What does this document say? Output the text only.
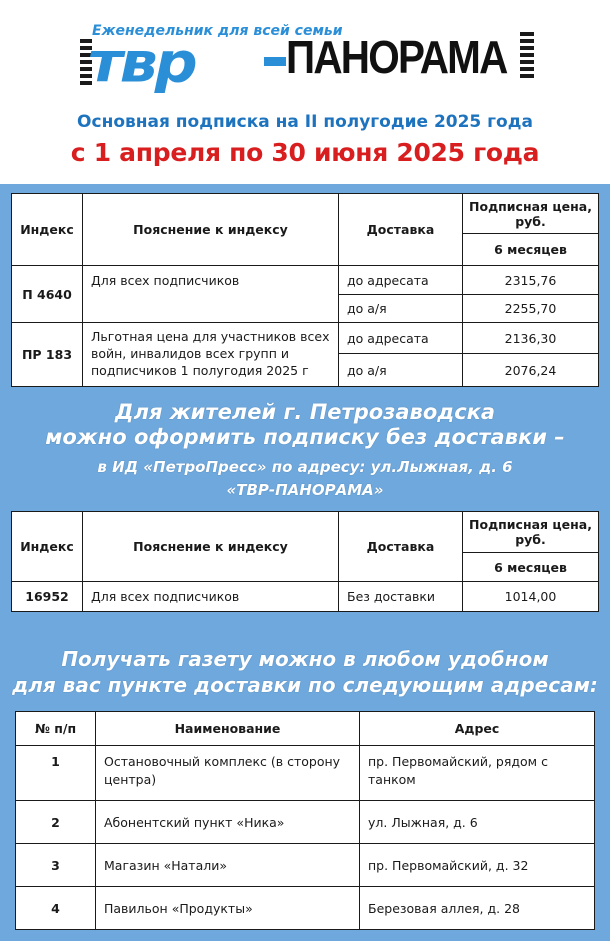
Еженедельник для всей семьи
твр ПАНОРАМА
Основная подписка на II полугодие 2025 года
с 1 апреля по 30 июня 2025 года
Индекс	Пояснение к индексу	Доставка	Подписная цена, руб.
			6 месяцев
П 4640	Для всех подписчиков	до адресата	2315,76
		до а/я	2255,70
ПР 183	Льготная цена для участников всех войн, инвалидов всех групп и подписчиков 1 полугодия 2025 г	до адресата	2136,30
		до а/я	2076,24
Для жителей г. Петрозаводска
можно оформить подписку без доставки –
в ИД «ПетроПресс» по адресу: ул.Лыжная, д. 6
«ТВР-ПАНОРАМА»
Индекс	Пояснение к индексу	Доставка	Подписная цена, руб.
			6 месяцев
16952	Для всех подписчиков	Без доставки	1014,00
Получать газету можно в любом удобном
для вас пункте доставки по следующим адресам:
№ п/п	Наименование	Адрес
1	Остановочный комплекс (в сторону центра)	пр. Первомайский, рядом с танком
2	Абонентский пункт «Ника»	ул. Лыжная, д. 6
3	Магазин «Натали»	пр. Первомайский, д. 32
4	Павильон «Продукты»	Березовая аллея, д. 28
